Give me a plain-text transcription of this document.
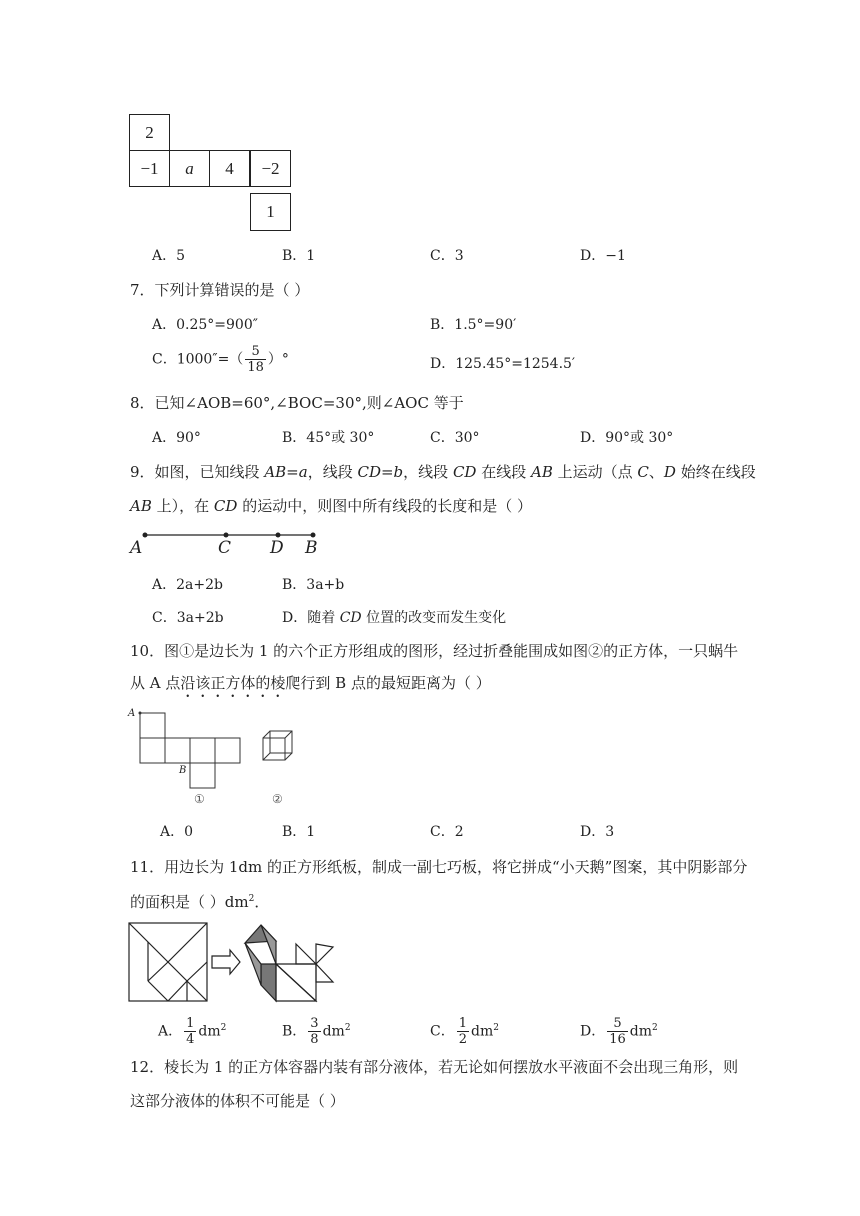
2
−1	a	4	−2
1
A．5	B．1	C．3	D．−1
7．下列计算错误的是（ ）
A．0.25°=900″	B．1.5°=90′
C．$1000''=( \frac{5}{18}$ ）°	D．125.45°=1254.5′
8．已知∠AOB=60°,∠BOC=30°,则∠AOC 等于
A．90°	B．45°或 30°	C．30°	D．90°或 30°
9．如图，已知线段 AB=a，线段 CD=b，线段 CD 在线段 AB 上运动（点 C、D 始终在线段
AB 上），在 CD 的运动中，则图中所有线段的长度和是（ ）
A	C D B
A．2a+2b	B．3a+b
C．3a+2b	D．随着 CD 位置的改变而发生变化
10．图①是边长为 1 的六个正方形组成的图形，经过折叠能围成如图②的正方体，一只蜗牛
从 A 点沿该正方体的棱爬行到 B 点的最短距离为（ ）
A
B
①	②
A．0	B．1	C．2	D．3
11．用边长为 1dm 的正方形纸板，制成一副七巧板，将它拼成“小天鹅”图案，其中阴影部分
的面积是（ ）$dm^2$．
A． $\frac{1}{4} dm^2$	B． $\frac{3}{8} dm^2$	C． $\frac{1}{2} dm^2$	D． $\frac{5}{16} dm^2$
12．棱长为 1 的正方体容器内装有部分液体，若无论如何摆放水平液面不会出现三角形，则
这部分液体的体积不可能是（ ）
